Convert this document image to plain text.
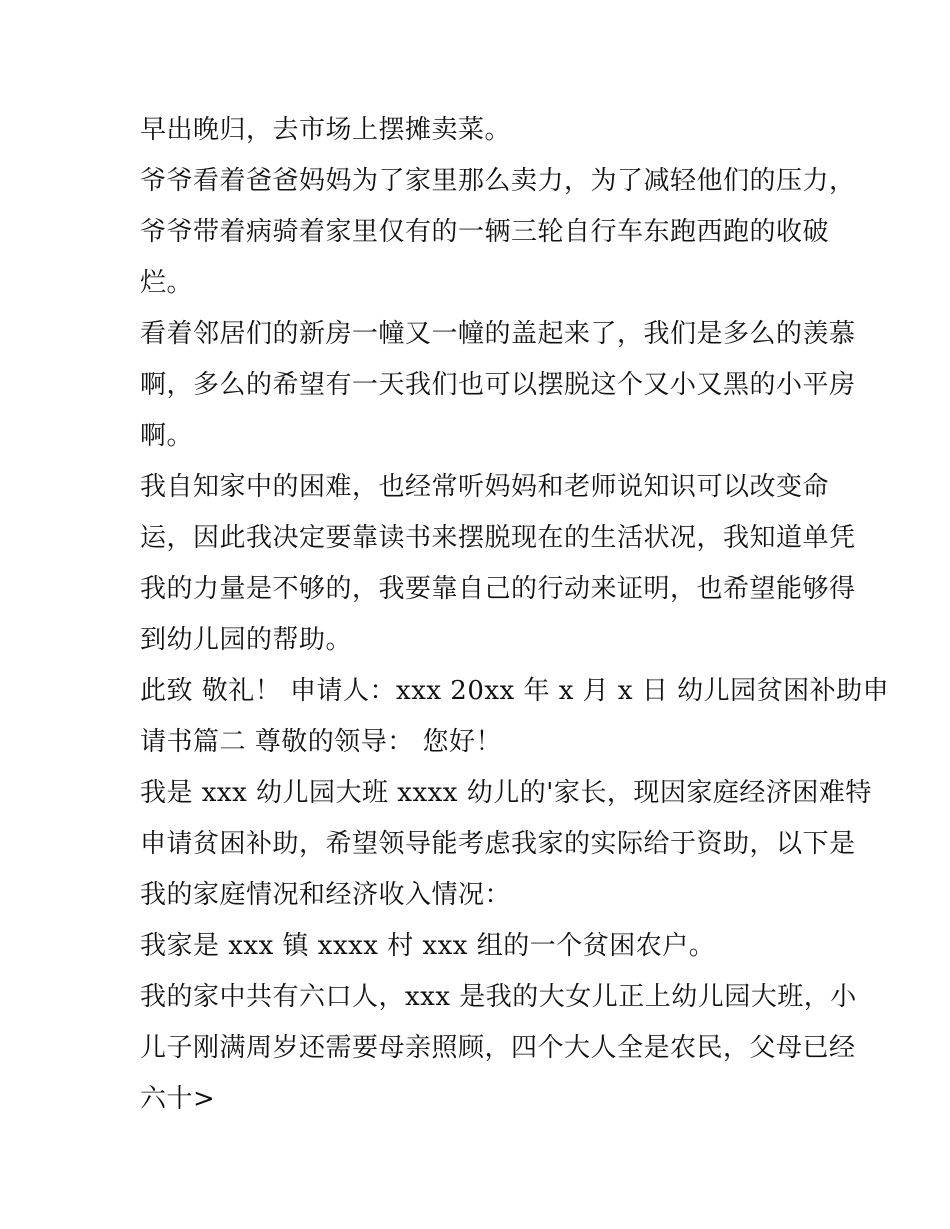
早出晚归，去市场上摆摊卖菜。
爷爷看着爸爸妈妈为了家里那么卖力，为了减轻他们的压力，
爷爷带着病骑着家里仅有的一辆三轮自行车东跑西跑的收破
烂。
看着邻居们的新房一幢又一幢的盖起来了，我们是多么的羡慕
啊，多么的希望有一天我们也可以摆脱这个又小又黑的小平房
啊。
我自知家中的困难，也经常听妈妈和老师说知识可以改变命
运，因此我决定要靠读书来摆脱现在的生活状况，我知道单凭
我的力量是不够的，我要靠自己的行动来证明，也希望能够得
到幼儿园的帮助。
此致 敬礼！ 申请人：xxx 20xx 年 x 月 x 日 幼儿园贫困补助申
请书篇二 尊敬的领导： 您好！
我是 xxx 幼儿园大班 xxxx 幼儿的'家长，现因家庭经济困难特
申请贫困补助，希望领导能考虑我家的实际给于资助，以下是
我的家庭情况和经济收入情况：
我家是 xxx 镇 xxxx 村 xxx 组的一个贫困农户。
我的家中共有六口人，xxx 是我的大女儿正上幼儿园大班，小
儿子刚满周岁还需要母亲照顾，四个大人全是农民，父母已经
六十>
